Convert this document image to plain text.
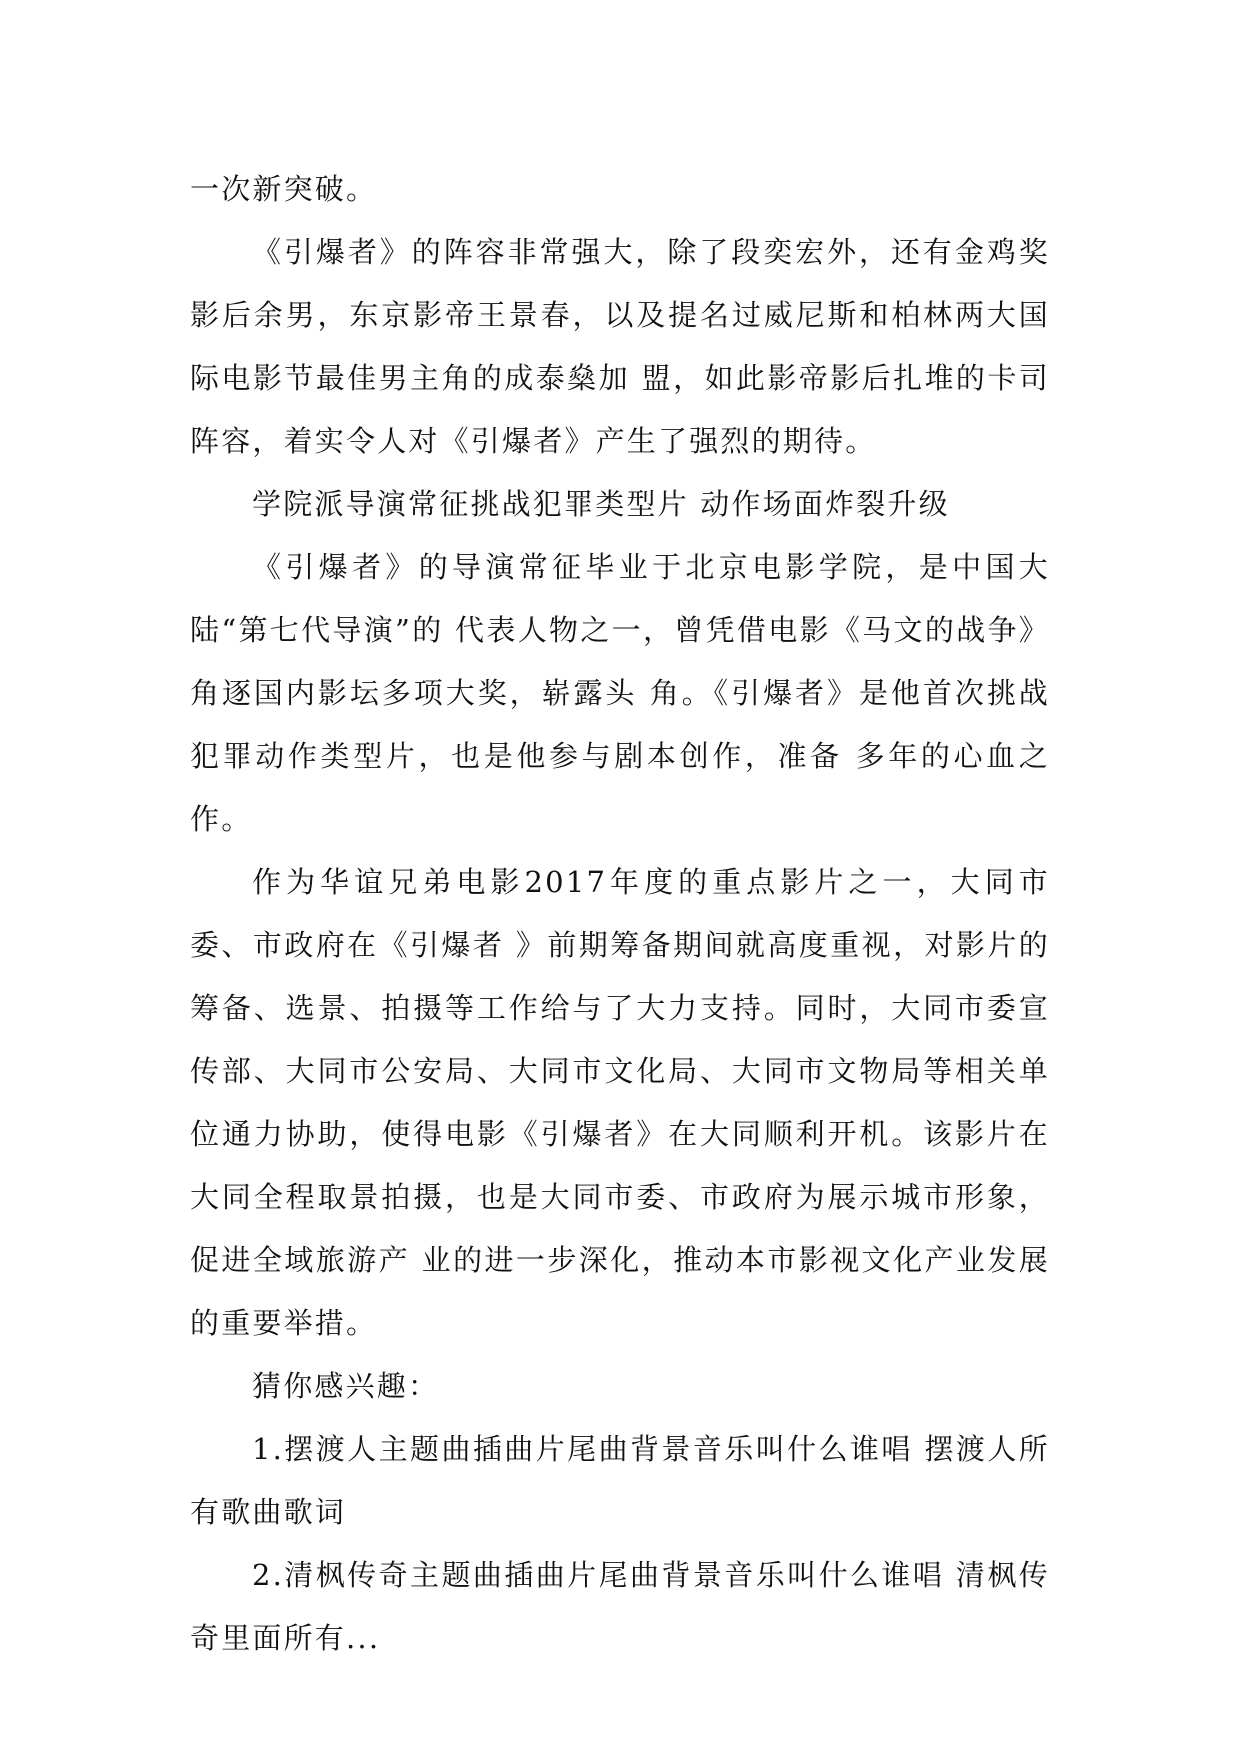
一次新突破。

《引爆者》的阵容非常强大，除了段奕宏外，还有金鸡奖影后余男，东京影帝王景春，以及提名过威尼斯和柏林两大国际电影节最佳男主角的成泰燊加 盟，如此影帝影后扎堆的卡司阵容，着实令人对《引爆者》产生了强烈的期待。

学院派导演常征挑战犯罪类型片 动作场面炸裂升级

《引爆者》的导演常征毕业于北京电影学院，是中国大陆“第七代导演”的 代表人物之一，曾凭借电影《马文的战争》角逐国内影坛多项大奖，崭露头 角。《引爆者》是他首次挑战犯罪动作类型片，也是他参与剧本创作，准备 多年的心血之作。

作为华谊兄弟电影2017年度的重点影片之一，大同市委、市政府在《引爆者 》前期筹备期间就高度重视，对影片的筹备、选景、拍摄等工作给与了大力支持。同时，大同市委宣传部、大同市公安局、大同市文化局、大同市文物局等相关单位通力协助，使得电影《引爆者》在大同顺利开机。该影片在大同全程取景拍摄，也是大同市委、市政府为展示城市形象，促进全域旅游产 业的进一步深化，推动本市影视文化产业发展的重要举措。

猜你感兴趣：

1.摆渡人主题曲插曲片尾曲背景音乐叫什么谁唱 摆渡人所有歌曲歌词

2.清枫传奇主题曲插曲片尾曲背景音乐叫什么谁唱 清枫传奇里面所有...
